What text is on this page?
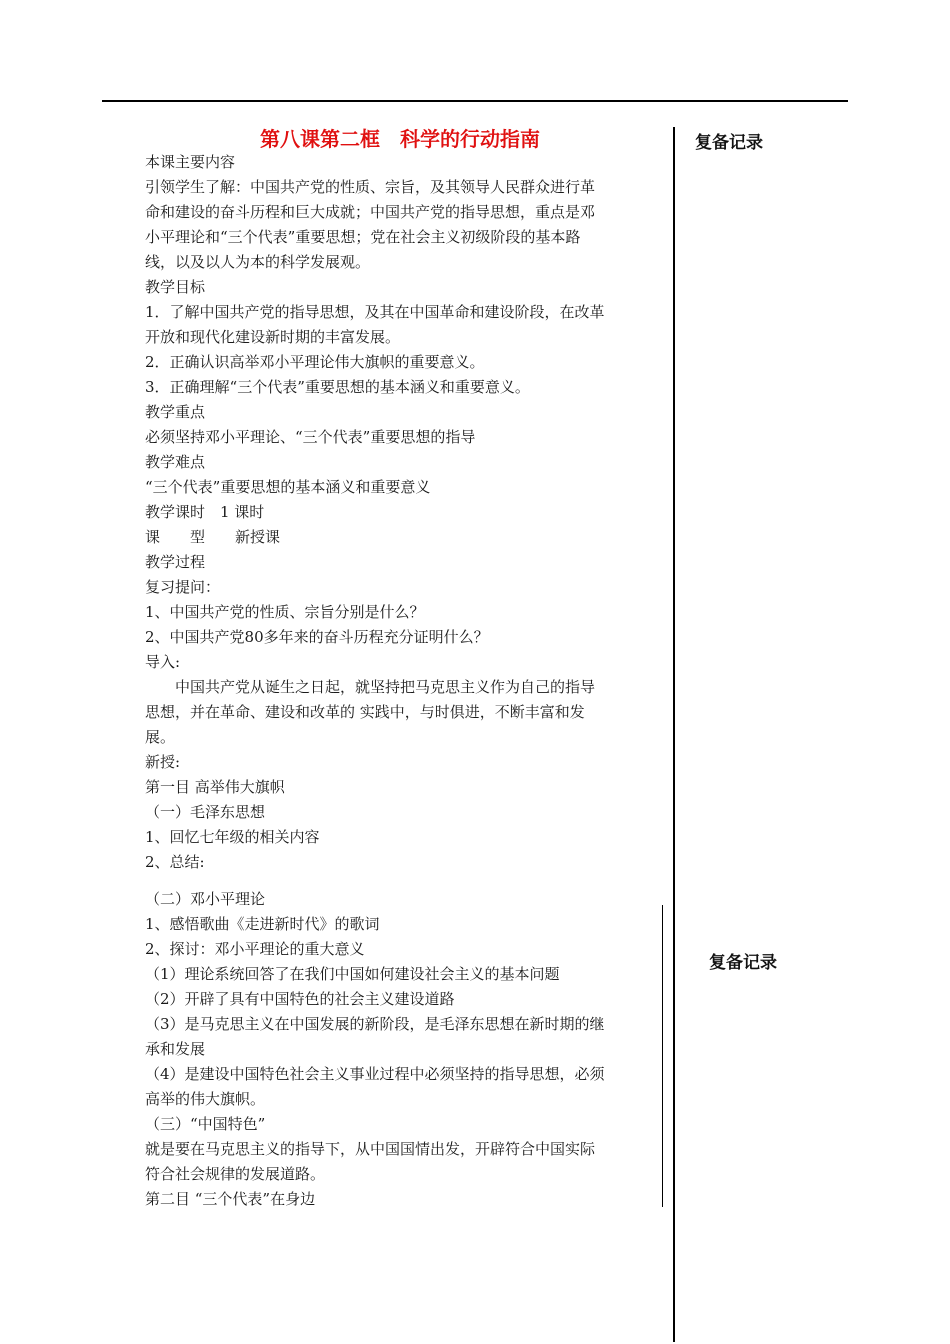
第八课第二框　科学的行动指南	复备记录
复备记录
本课主要内容
引领学生了解：中国共产党的性质、宗旨，及其领导人民群众进行革
命和建设的奋斗历程和巨大成就；中国共产党的指导思想，重点是邓
小平理论和“三个代表”重要思想；党在社会主义初级阶段的基本路
线，以及以人为本的科学发展观。
教学目标
1．了解中国共产党的指导思想，及其在中国革命和建设阶段，在改革
开放和现代化建设新时期的丰富发展。
2．正确认识高举邓小平理论伟大旗帜的重要意义。
3．正确理解“三个代表”重要思想的基本涵义和重要意义。
教学重点
必须坚持邓小平理论、“三个代表”重要思想的指导
教学难点
“三个代表”重要思想的基本涵义和重要意义
教学课时　1 课时
课　　型　　新授课
教学过程
复习提问：
1、中国共产党的性质、宗旨分别是什么？
2、中国共产党80多年来的奋斗历程充分证明什么？
导入:
　　中国共产党从诞生之日起，就坚持把马克思主义作为自己的指导
思想，并在革命、建设和改革的 实践中，与时俱进，不断丰富和发
展。
新授:
第一目 高举伟大旗帜
（一）毛泽东思想
1、回忆七年级的相关内容
2、总结:
（二）邓小平理论
1、感悟歌曲《走进新时代》的歌词
2、探讨：邓小平理论的重大意义
（1）理论系统回答了在我们中国如何建设社会主义的基本问题
（2）开辟了具有中国特色的社会主义建设道路
（3）是马克思主义在中国发展的新阶段，是毛泽东思想在新时期的继
承和发展
（4）是建设中国特色社会主义事业过程中必须坚持的指导思想，必须
高举的伟大旗帜。
（三）“中国特色”
就是要在马克思主义的指导下，从中国国情出发，开辟符合中国实际
符合社会规律的发展道路。
第二目 “三个代表”在身边
